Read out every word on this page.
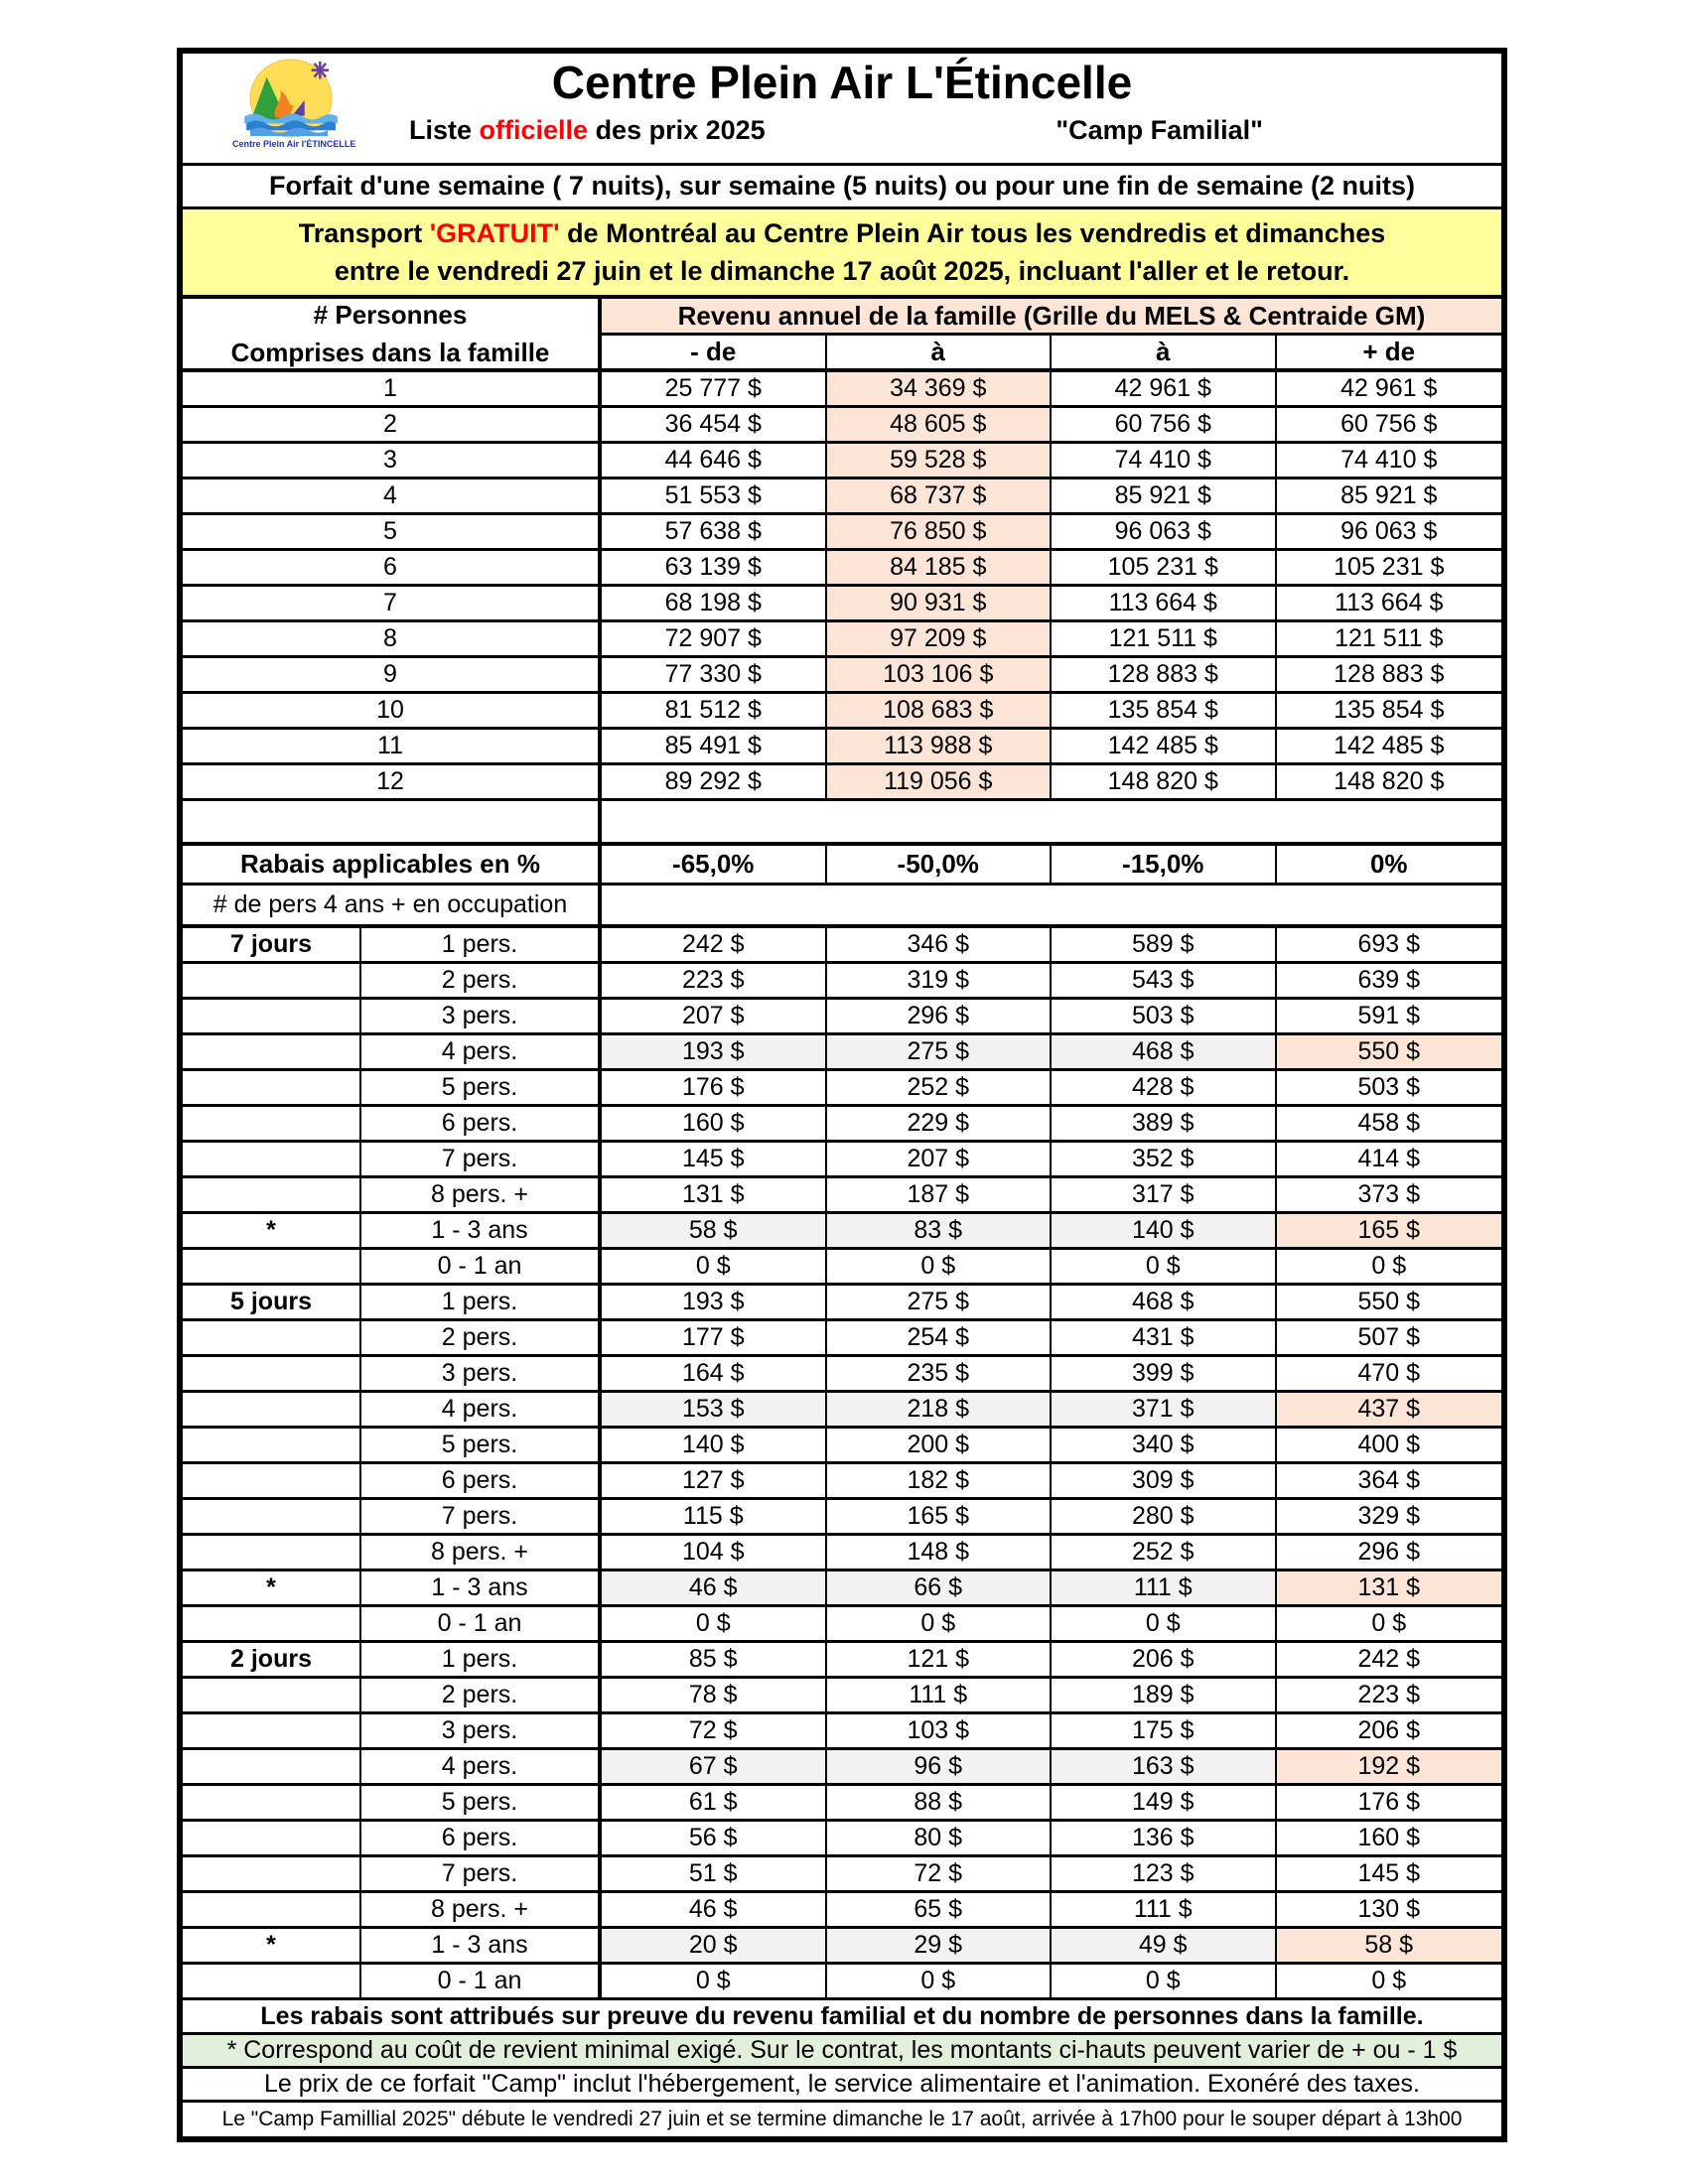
Centre Plein Air l'ÉTINCELLE
Centre Plein Air L'Étincelle
Liste officielle des prix 2025	"Camp Familial"
Forfait d'une semaine ( 7 nuits), sur semaine (5 nuits) ou pour une fin de semaine (2 nuits)
Transport 'GRATUIT' de Montréal au Centre Plein Air tous les vendredis et dimanches
entre le vendredi 27 juin et le dimanche 17 août 2025, incluant l'aller et le retour.
# Personnes
Comprises dans la famille
Revenu annuel de la famille (Grille du MELS & Centraide GM)
- de	à	à	+ de
1	25 777 $	34 369 $	42 961 $	42 961 $
2	36 454 $	48 605 $	60 756 $	60 756 $
3	44 646 $	59 528 $	74 410 $	74 410 $
4	51 553 $	68 737 $	85 921 $	85 921 $
5	57 638 $	76 850 $	96 063 $	96 063 $
6	63 139 $	84 185 $	105 231 $	105 231 $
7	68 198 $	90 931 $	113 664 $	113 664 $
8	72 907 $	97 209 $	121 511 $	121 511 $
9	77 330 $	103 106 $	128 883 $	128 883 $
10	81 512 $	108 683 $	135 854 $	135 854 $
11	85 491 $	113 988 $	142 485 $	142 485 $
12	89 292 $	119 056 $	148 820 $	148 820 $
Rabais applicables en %	-65,0%	-50,0%	-15,0%	0%
# de pers 4 ans + en occupation
7 jours	1 pers.	242 $	346 $	589 $	693 $
2 pers.	223 $	319 $	543 $	639 $
3 pers.	207 $	296 $	503 $	591 $
4 pers.	193 $	275 $	468 $	550 $
5 pers.	176 $	252 $	428 $	503 $
6 pers.	160 $	229 $	389 $	458 $
7 pers.	145 $	207 $	352 $	414 $
8 pers. +	131 $	187 $	317 $	373 $
*	1 - 3 ans	58 $	83 $	140 $	165 $
0 - 1 an	0 $	0 $	0 $	0 $
5 jours	1 pers.	193 $	275 $	468 $	550 $
2 pers.	177 $	254 $	431 $	507 $
3 pers.	164 $	235 $	399 $	470 $
4 pers.	153 $	218 $	371 $	437 $
5 pers.	140 $	200 $	340 $	400 $
6 pers.	127 $	182 $	309 $	364 $
7 pers.	115 $	165 $	280 $	329 $
8 pers. +	104 $	148 $	252 $	296 $
*	1 - 3 ans	46 $	66 $	111 $	131 $
0 - 1 an	0 $	0 $	0 $	0 $
2 jours	1 pers.	85 $	121 $	206 $	242 $
2 pers.	78 $	111 $	189 $	223 $
3 pers.	72 $	103 $	175 $	206 $
4 pers.	67 $	96 $	163 $	192 $
5 pers.	61 $	88 $	149 $	176 $
6 pers.	56 $	80 $	136 $	160 $
7 pers.	51 $	72 $	123 $	145 $
8 pers. +	46 $	65 $	111 $	130 $
*	1 - 3 ans	20 $	29 $	49 $	58 $
0 - 1 an	0 $	0 $	0 $	0 $
Les rabais sont attribués sur preuve du revenu familial et du nombre de personnes dans la famille.
* Correspond au coût de revient minimal exigé. Sur le contrat, les montants ci-hauts peuvent varier de + ou - 1 $
Le prix de ce forfait "Camp" inclut l'hébergement, le service alimentaire et l'animation. Exonéré des taxes.
Le "Camp Famillial 2025" débute le vendredi 27 juin et se termine dimanche le 17 août, arrivée à 17h00 pour le souper départ à 13h00
